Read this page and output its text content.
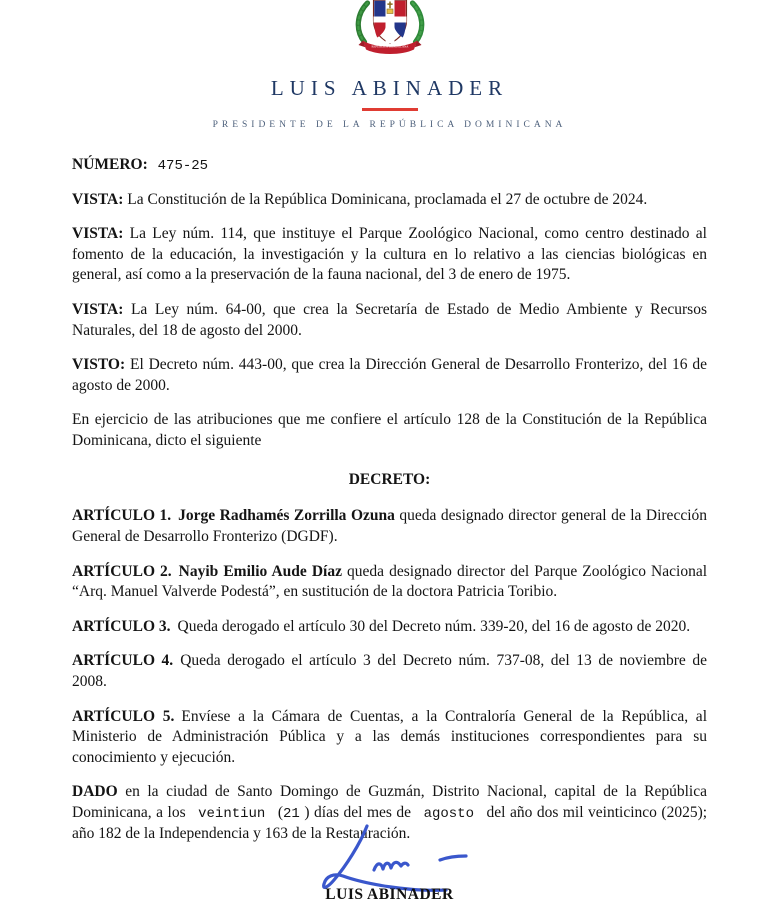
REPÚBLICA DOMINICANA
LUIS ABINADER
PRESIDENTE DE LA REPÚBLICA DOMINICANA

NÚMERO: 475-25

VISTA: La Constitución de la República Dominicana, proclamada el 27 de octubre de 2024.

VISTA: La Ley núm. 114, que instituye el Parque Zoológico Nacional, como centro destinado al fomento de la educación, la investigación y la cultura en lo relativo a las ciencias biológicas en general, así como a la preservación de la fauna nacional, del 3 de enero de 1975.

VISTA: La Ley núm. 64-00, que crea la Secretaría de Estado de Medio Ambiente y Recursos Naturales, del 18 de agosto del 2000.

VISTO: El Decreto núm. 443-00, que crea la Dirección General de Desarrollo Fronterizo, del 16 de agosto de 2000.

En ejercicio de las atribuciones que me confiere el artículo 128 de la Constitución de la República Dominicana, dicto el siguiente

DECRETO:

ARTÍCULO 1. Jorge Radhamés Zorrilla Ozuna queda designado director general de la Dirección General de Desarrollo Fronterizo (DGDF).

ARTÍCULO 2. Nayib Emilio Aude Díaz queda designado director del Parque Zoológico Nacional “Arq. Manuel Valverde Podestá”, en sustitución de la doctora Patricia Toribio.

ARTÍCULO 3. Queda derogado el artículo 30 del Decreto núm. 339-20, del 16 de agosto de 2020.

ARTÍCULO 4. Queda derogado el artículo 3 del Decreto núm. 737-08, del 13 de noviembre de 2008.

ARTÍCULO 5. Envíese a la Cámara de Cuentas, a la Contraloría General de la República, al Ministerio de Administración Pública y a las demás instituciones correspondientes para su conocimiento y ejecución.

DADO en la ciudad de Santo Domingo de Guzmán, Distrito Nacional, capital de la República Dominicana, a los veintiun (21 ) días del mes de agosto del año dos mil veinticinco (2025); año 182 de la Independencia y 163 de la Restauración.

LUIS ABINADER
